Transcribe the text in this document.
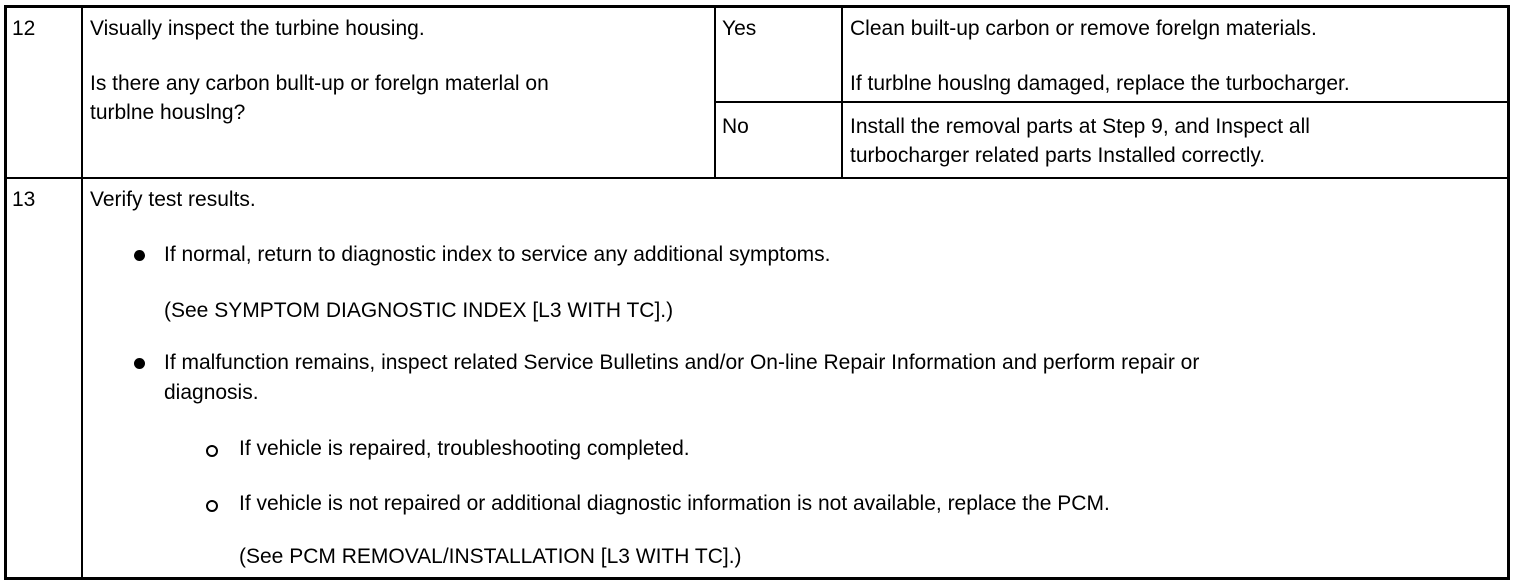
12	Visually inspect the turbine housing.
Is there any carbon bullt-up or forelgn materlal on
turblne houslng?
Yes	Clean built-up carbon or remove forelgn materials.
If turblne houslng damaged, replace the turbocharger.
No	Install the removal parts at Step 9, and Inspect all
turbocharger related parts Installed correctly.
13	Verify test results.
If normal, return to diagnostic index to service any additional symptoms.
(See SYMPTOM DIAGNOSTIC INDEX [L3 WITH TC].)
If malfunction remains, inspect related Service Bulletins and/or On-line Repair Information and perform repair or
diagnosis.
If vehicle is repaired, troubleshooting completed.
If vehicle is not repaired or additional diagnostic information is not available, replace the PCM.
(See PCM REMOVAL/INSTALLATION [L3 WITH TC].)
